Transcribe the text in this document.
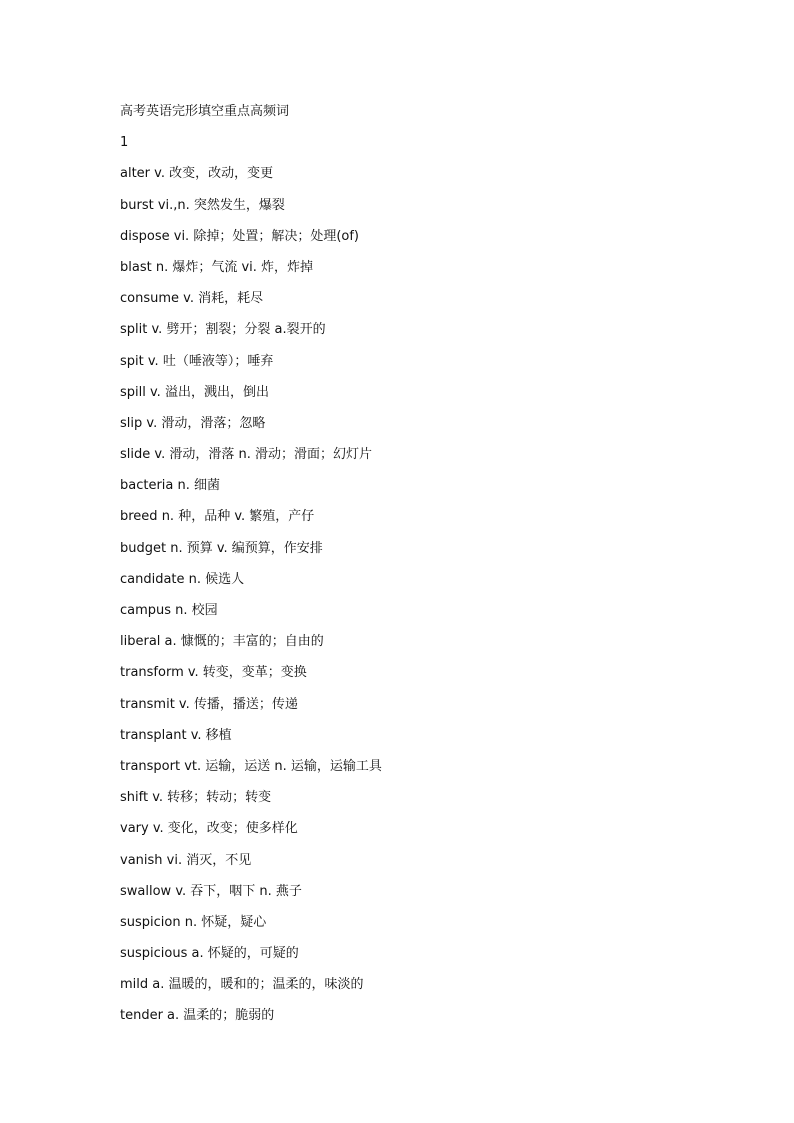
高考英语完形填空重点高频词
1
alter v. 改变，改动，变更
burst vi.,n. 突然发生，爆裂
dispose vi. 除掉；处置；解决；处理(of)
blast n. 爆炸；气流 vi. 炸，炸掉
consume v. 消耗，耗尽
split v. 劈开；割裂；分裂 a.裂开的
spit v. 吐（唾液等）；唾弃
spill v. 溢出，溅出，倒出
slip v. 滑动，滑落；忽略
slide v. 滑动，滑落 n. 滑动；滑面；幻灯片
bacteria n. 细菌
breed n. 种，品种 v. 繁殖，产仔
budget n. 预算 v. 编预算，作安排
candidate n. 候选人
campus n. 校园
liberal a. 慷慨的；丰富的；自由的
transform v. 转变，变革；变换
transmit v. 传播，播送；传递
transplant v. 移植
transport vt. 运输，运送 n. 运输，运输工具
shift v. 转移；转动；转变
vary v. 变化，改变；使多样化
vanish vi. 消灭，不见
swallow v. 吞下，咽下 n. 燕子
suspicion n. 怀疑，疑心
suspicious a. 怀疑的，可疑的
mild a. 温暖的，暖和的；温柔的，味淡的
tender a. 温柔的；脆弱的
